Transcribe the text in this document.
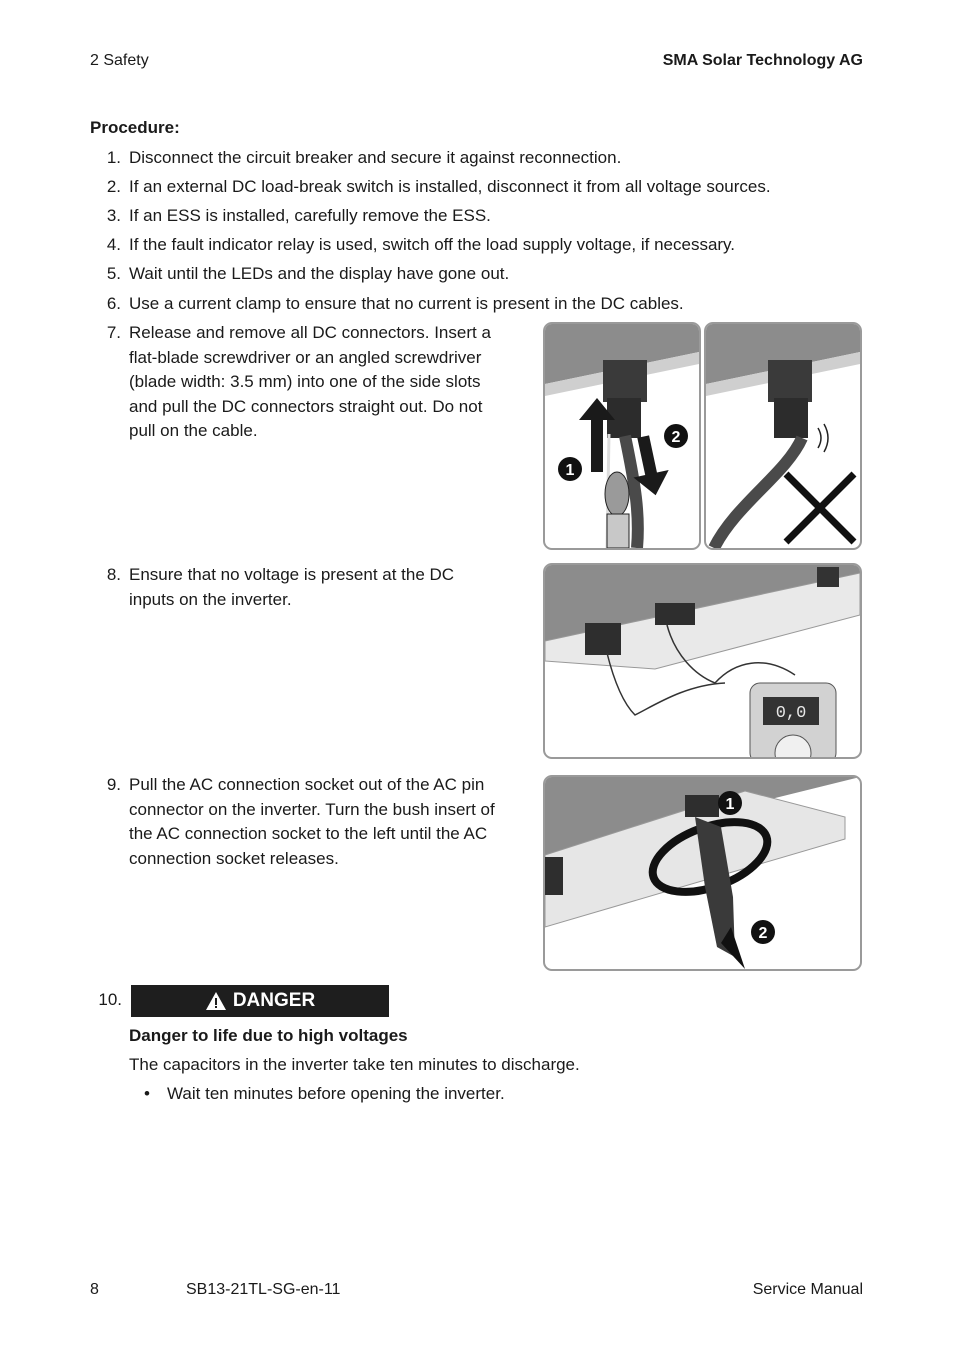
2 Safety	SMA Solar Technology AG
Procedure:
1. Disconnect the circuit breaker and secure it against reconnection.
2. If an external DC load-break switch is installed, disconnect it from all voltage sources.
3. If an ESS is installed, carefully remove the ESS.
4. If the fault indicator relay is used, switch off the load supply voltage, if necessary.
5. Wait until the LEDs and the display have gone out.
6. Use a current clamp to ensure that no current is present in the DC cables.
7. Release and remove all DC connectors. Insert a
flat-blade screwdriver or an angled screwdriver
(blade width: 3.5 mm) into one of the side slots
and pull the DC connectors straight out. Do not
pull on the cable.
1
2
8. Ensure that no voltage is present at the DC
inputs on the inverter.
0,0
9. Pull the AC connection socket out of the AC pin
connector on the inverter. Turn the bush insert of
the AC connection socket to the left until the AC
connection socket releases.
1
2
10.	DANGER
Danger to life due to high voltages
The capacitors in the inverter take ten minutes to discharge.
• Wait ten minutes before opening the inverter.
8	SB13-21TL-SG-en-11	Service Manual
